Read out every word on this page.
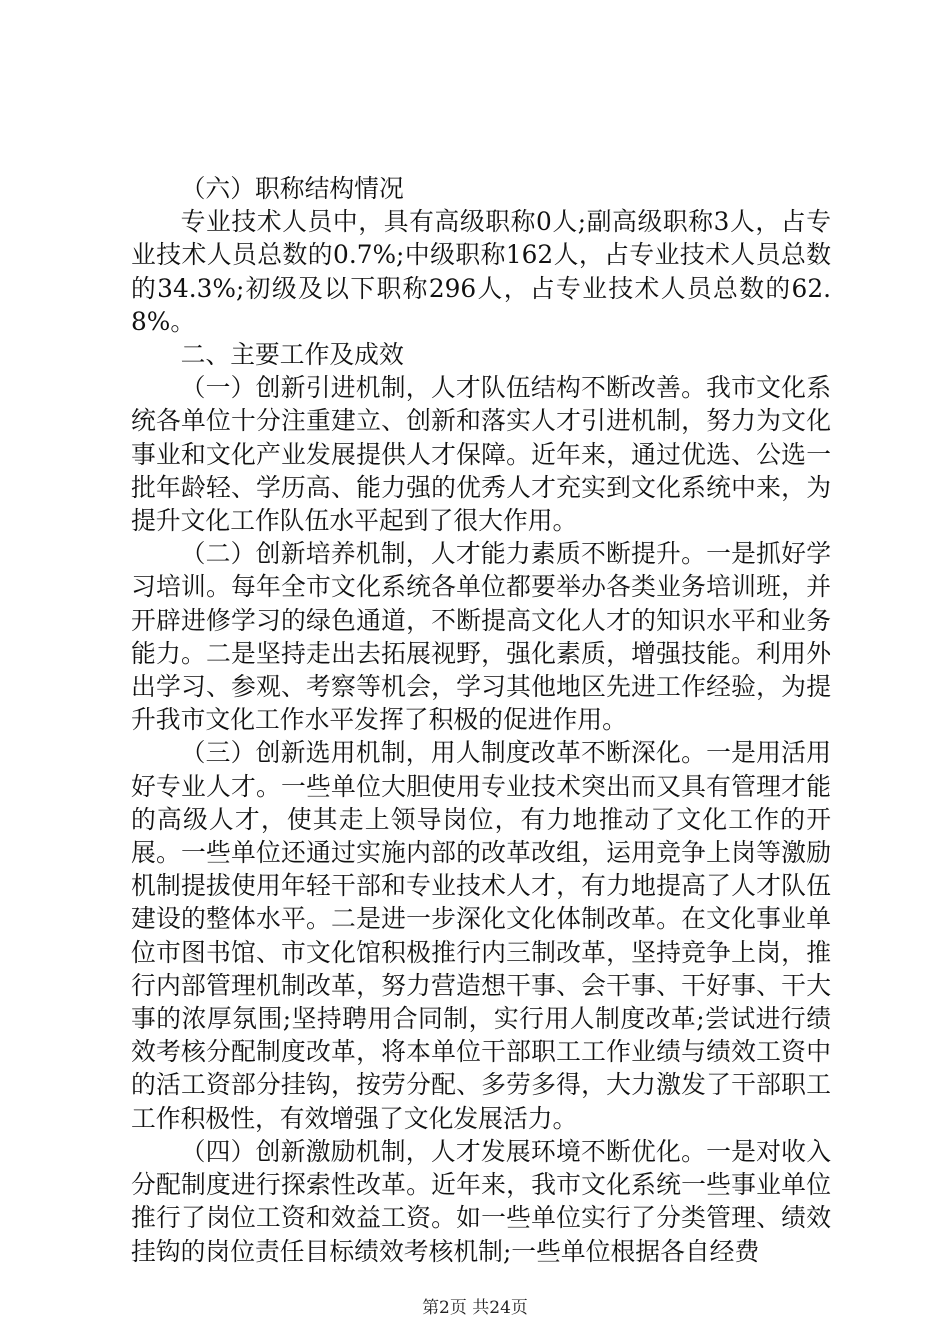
（六）职称结构情况

专业技术人员中，具有高级职称0人;副高级职称3人，占专业技术人员总数的0.7%;中级职称162人，占专业技术人员总数的34.3%;初级及以下职称296人，占专业技术人员总数的62.8%。

二、主要工作及成效

（一）创新引进机制，人才队伍结构不断改善。我市文化系统各单位十分注重建立、创新和落实人才引进机制，努力为文化事业和文化产业发展提供人才保障。近年来，通过优选、公选一批年龄轻、学历高、能力强的优秀人才充实到文化系统中来，为提升文化工作队伍水平起到了很大作用。

（二）创新培养机制，人才能力素质不断提升。一是抓好学习培训。每年全市文化系统各单位都要举办各类业务培训班，并开辟进修学习的绿色通道，不断提高文化人才的知识水平和业务能力。二是坚持走出去拓展视野，强化素质，增强技能。利用外出学习、参观、考察等机会，学习其他地区先进工作经验，为提升我市文化工作水平发挥了积极的促进作用。

（三）创新选用机制，用人制度改革不断深化。一是用活用好专业人才。一些单位大胆使用专业技术突出而又具有管理才能的高级人才，使其走上领导岗位，有力地推动了文化工作的开展。一些单位还通过实施内部的改革改组，运用竞争上岗等激励机制提拔使用年轻干部和专业技术人才，有力地提高了人才队伍建设的整体水平。二是进一步深化文化体制改革。在文化事业单位市图书馆、市文化馆积极推行内三制改革，坚持竞争上岗，推行内部管理机制改革，努力营造想干事、会干事、干好事、干大事的浓厚氛围;坚持聘用合同制，实行用人制度改革;尝试进行绩效考核分配制度改革，将本单位干部职工工作业绩与绩效工资中的活工资部分挂钩，按劳分配、多劳多得，大力激发了干部职工工作积极性，有效增强了文化发展活力。

（四）创新激励机制，人才发展环境不断优化。一是对收入分配制度进行探索性改革。近年来，我市文化系统一些事业单位推行了岗位工资和效益工资。如一些单位实行了分类管理、绩效挂钩的岗位责任目标绩效考核机制;一些单位根据各自经费

第2页 共24页
